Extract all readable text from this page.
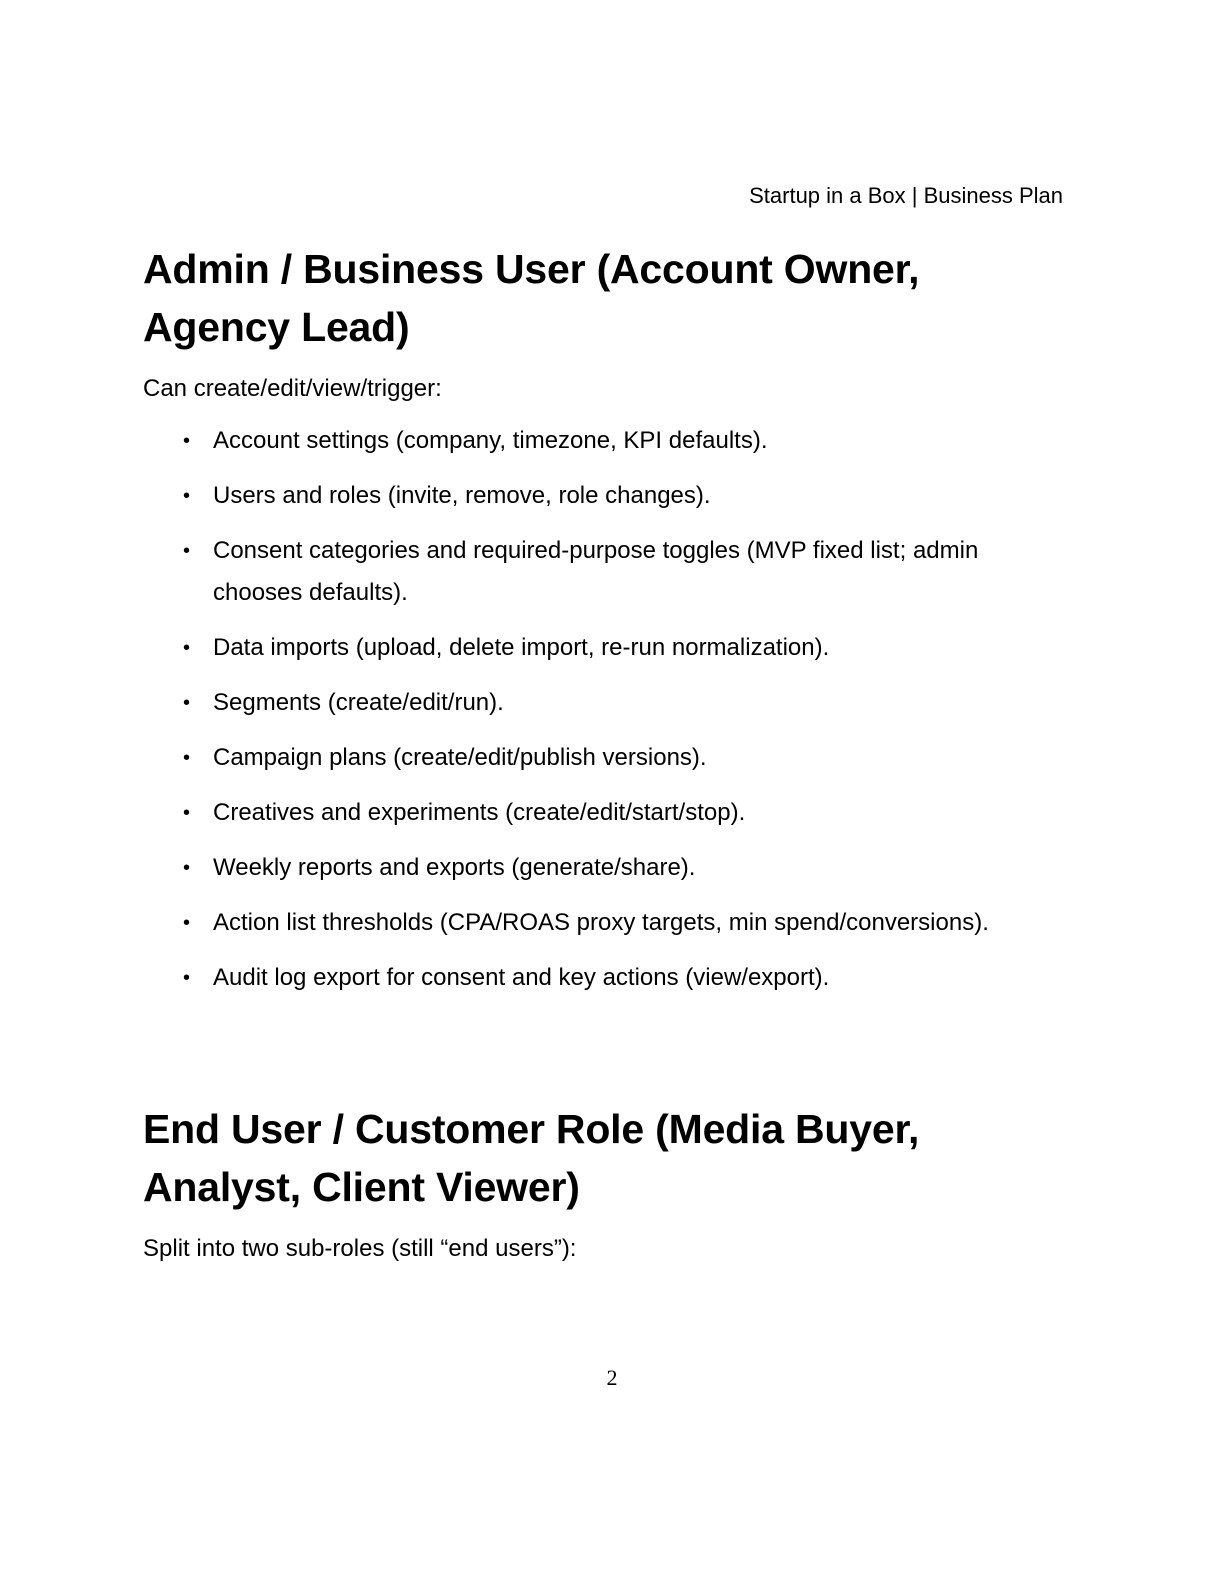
Startup in a Box | Business Plan
Admin / Business User (Account Owner,
Agency Lead)

Can create/edit/view/trigger:

• Account settings (company, timezone, KPI defaults).
• Users and roles (invite, remove, role changes).
• Consent categories and required-purpose toggles (MVP fixed list; admin chooses defaults).
• Data imports (upload, delete import, re-run normalization).
• Segments (create/edit/run).
• Campaign plans (create/edit/publish versions).
• Creatives and experiments (create/edit/start/stop).
• Weekly reports and exports (generate/share).
• Action list thresholds (CPA/ROAS proxy targets, min spend/conversions).
• Audit log export for consent and key actions (view/export).
End User / Customer Role (Media Buyer,
Analyst, Client Viewer)

Split into two sub-roles (still “end users”):

2
